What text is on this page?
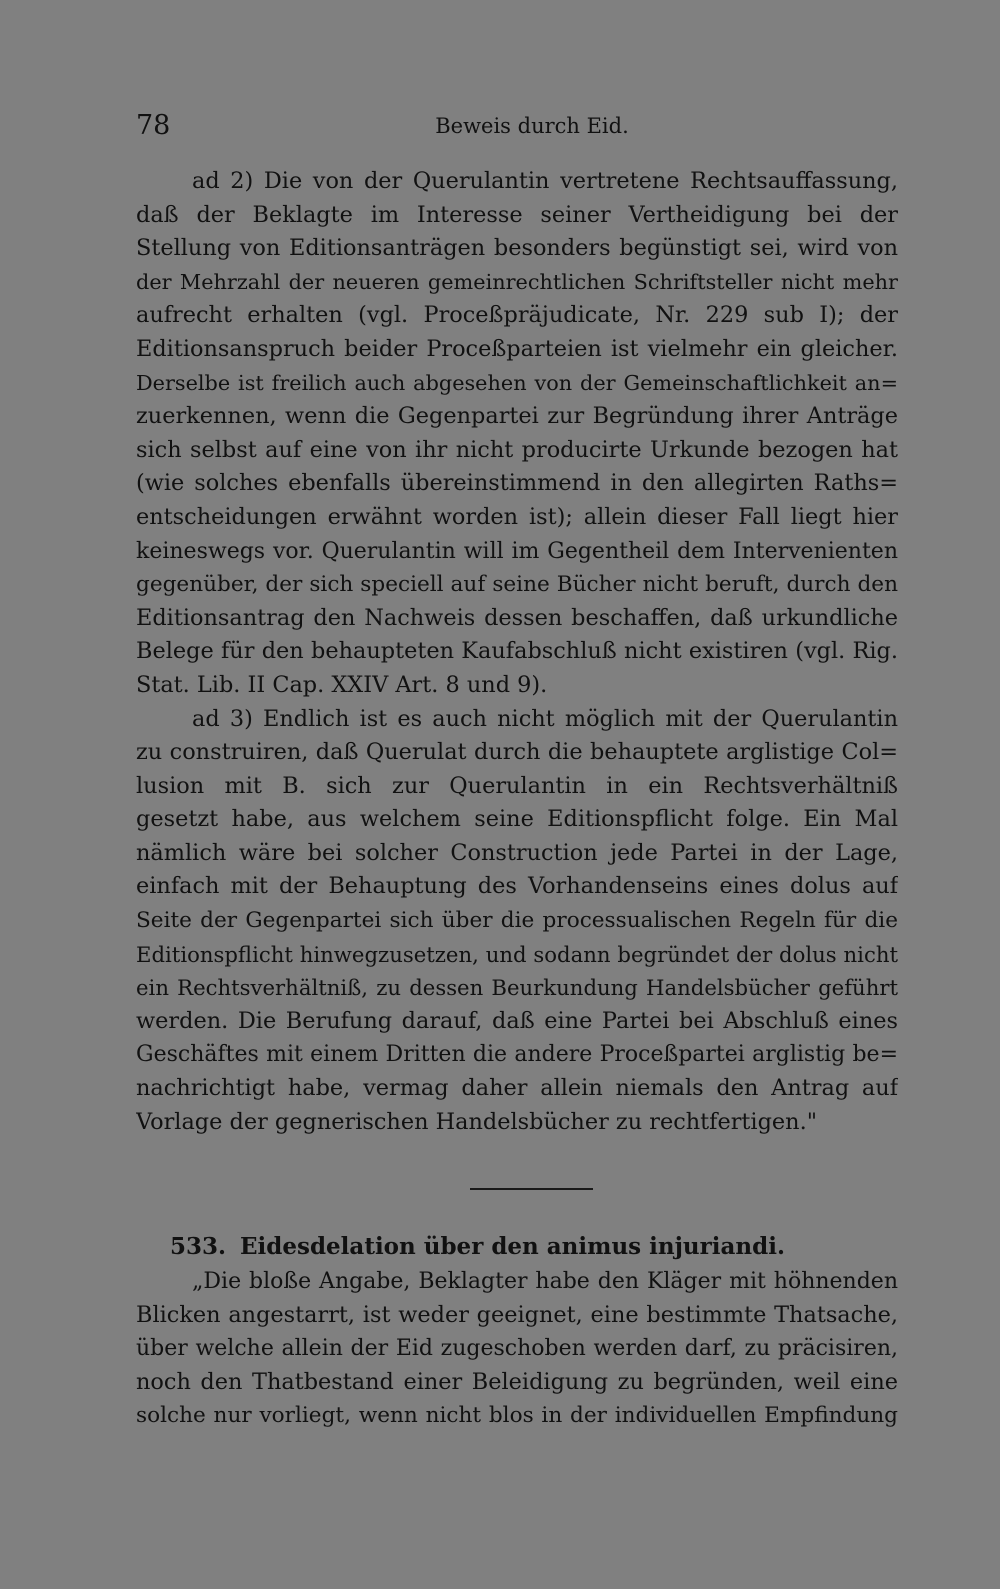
78	Beweis durch Eid.
ad 2) Die von der Querulantin vertretene Rechtsauffassung,
daß der Beklagte im Interesse seiner Vertheidigung bei der
Stellung von Editionsanträgen besonders begünstigt sei, wird von
der Mehrzahl der neueren gemeinrechtlichen Schriftsteller nicht mehr
aufrecht erhalten (vgl. Proceßpräjudicate, Nr. 229 sub I); der
Editionsanspruch beider Proceßparteien ist vielmehr ein gleicher.
Derselbe ist freilich auch abgesehen von der Gemeinschaftlichkeit an=
zuerkennen, wenn die Gegenpartei zur Begründung ihrer Anträge
sich selbst auf eine von ihr nicht producirte Urkunde bezogen hat
(wie solches ebenfalls übereinstimmend in den allegirten Raths=
entscheidungen erwähnt worden ist); allein dieser Fall liegt hier
keineswegs vor. Querulantin will im Gegentheil dem Intervenienten
gegenüber, der sich speciell auf seine Bücher nicht beruft, durch den
Editionsantrag den Nachweis dessen beschaffen, daß urkundliche
Belege für den behaupteten Kaufabschluß nicht existiren (vgl. Rig.
Stat. Lib. II Cap. XXIV Art. 8 und 9).
ad 3) Endlich ist es auch nicht möglich mit der Querulantin
zu construiren, daß Querulat durch die behauptete arglistige Col=
lusion mit B. sich zur Querulantin in ein Rechtsverhältniß
gesetzt habe, aus welchem seine Editionspflicht folge. Ein Mal
nämlich wäre bei solcher Construction jede Partei in der Lage,
einfach mit der Behauptung des Vorhandenseins eines dolus auf
Seite der Gegenpartei sich über die processualischen Regeln für die
Editionspflicht hinwegzusetzen, und sodann begründet der dolus nicht
ein Rechtsverhältniß, zu dessen Beurkundung Handelsbücher geführt
werden. Die Berufung darauf, daß eine Partei bei Abschluß eines
Geschäftes mit einem Dritten die andere Proceßpartei arglistig be=
nachrichtigt habe, vermag daher allein niemals den Antrag auf
Vorlage der gegnerischen Handelsbücher zu rechtfertigen."
533. Eidesdelation über den animus injuriandi.
„Die bloße Angabe, Beklagter habe den Kläger mit höhnenden
Blicken angestarrt, ist weder geeignet, eine bestimmte Thatsache,
über welche allein der Eid zugeschoben werden darf, zu präcisiren,
noch den Thatbestand einer Beleidigung zu begründen, weil eine
solche nur vorliegt, wenn nicht blos in der individuellen Empfindung
